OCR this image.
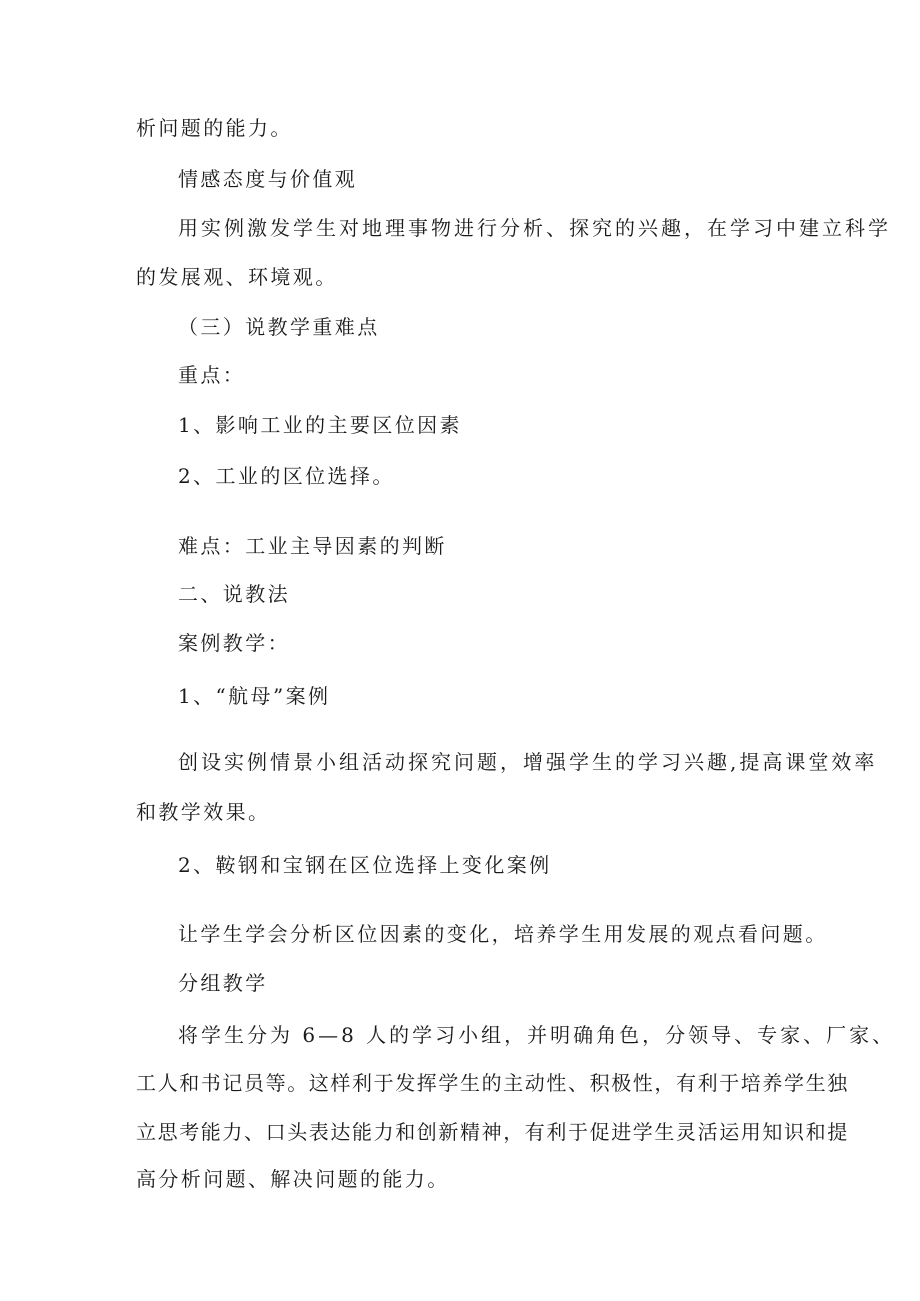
析问题的能力。
情感态度与价值观
用实例激发学生对地理事物进行分析、探究的兴趣，在学习中建立科学
的发展观、环境观。
（三）说教学重难点
重点：
1、影响工业的主要区位因素
2、工业的区位选择。
难点：工业主导因素的判断
二、说教法
案例教学：
1、“航母”案例
创设实例情景小组活动探究问题，增强学生的学习兴趣,提高课堂效率
和教学效果。
2、鞍钢和宝钢在区位选择上变化案例
让学生学会分析区位因素的变化，培养学生用发展的观点看问题。
分组教学
将学生分为 6—8 人的学习小组，并明确角色，分领导、专家、厂家、
工人和书记员等。这样利于发挥学生的主动性、积极性，有利于培养学生独
立思考能力、口头表达能力和创新精神，有利于促进学生灵活运用知识和提
高分析问题、解决问题的能力。
